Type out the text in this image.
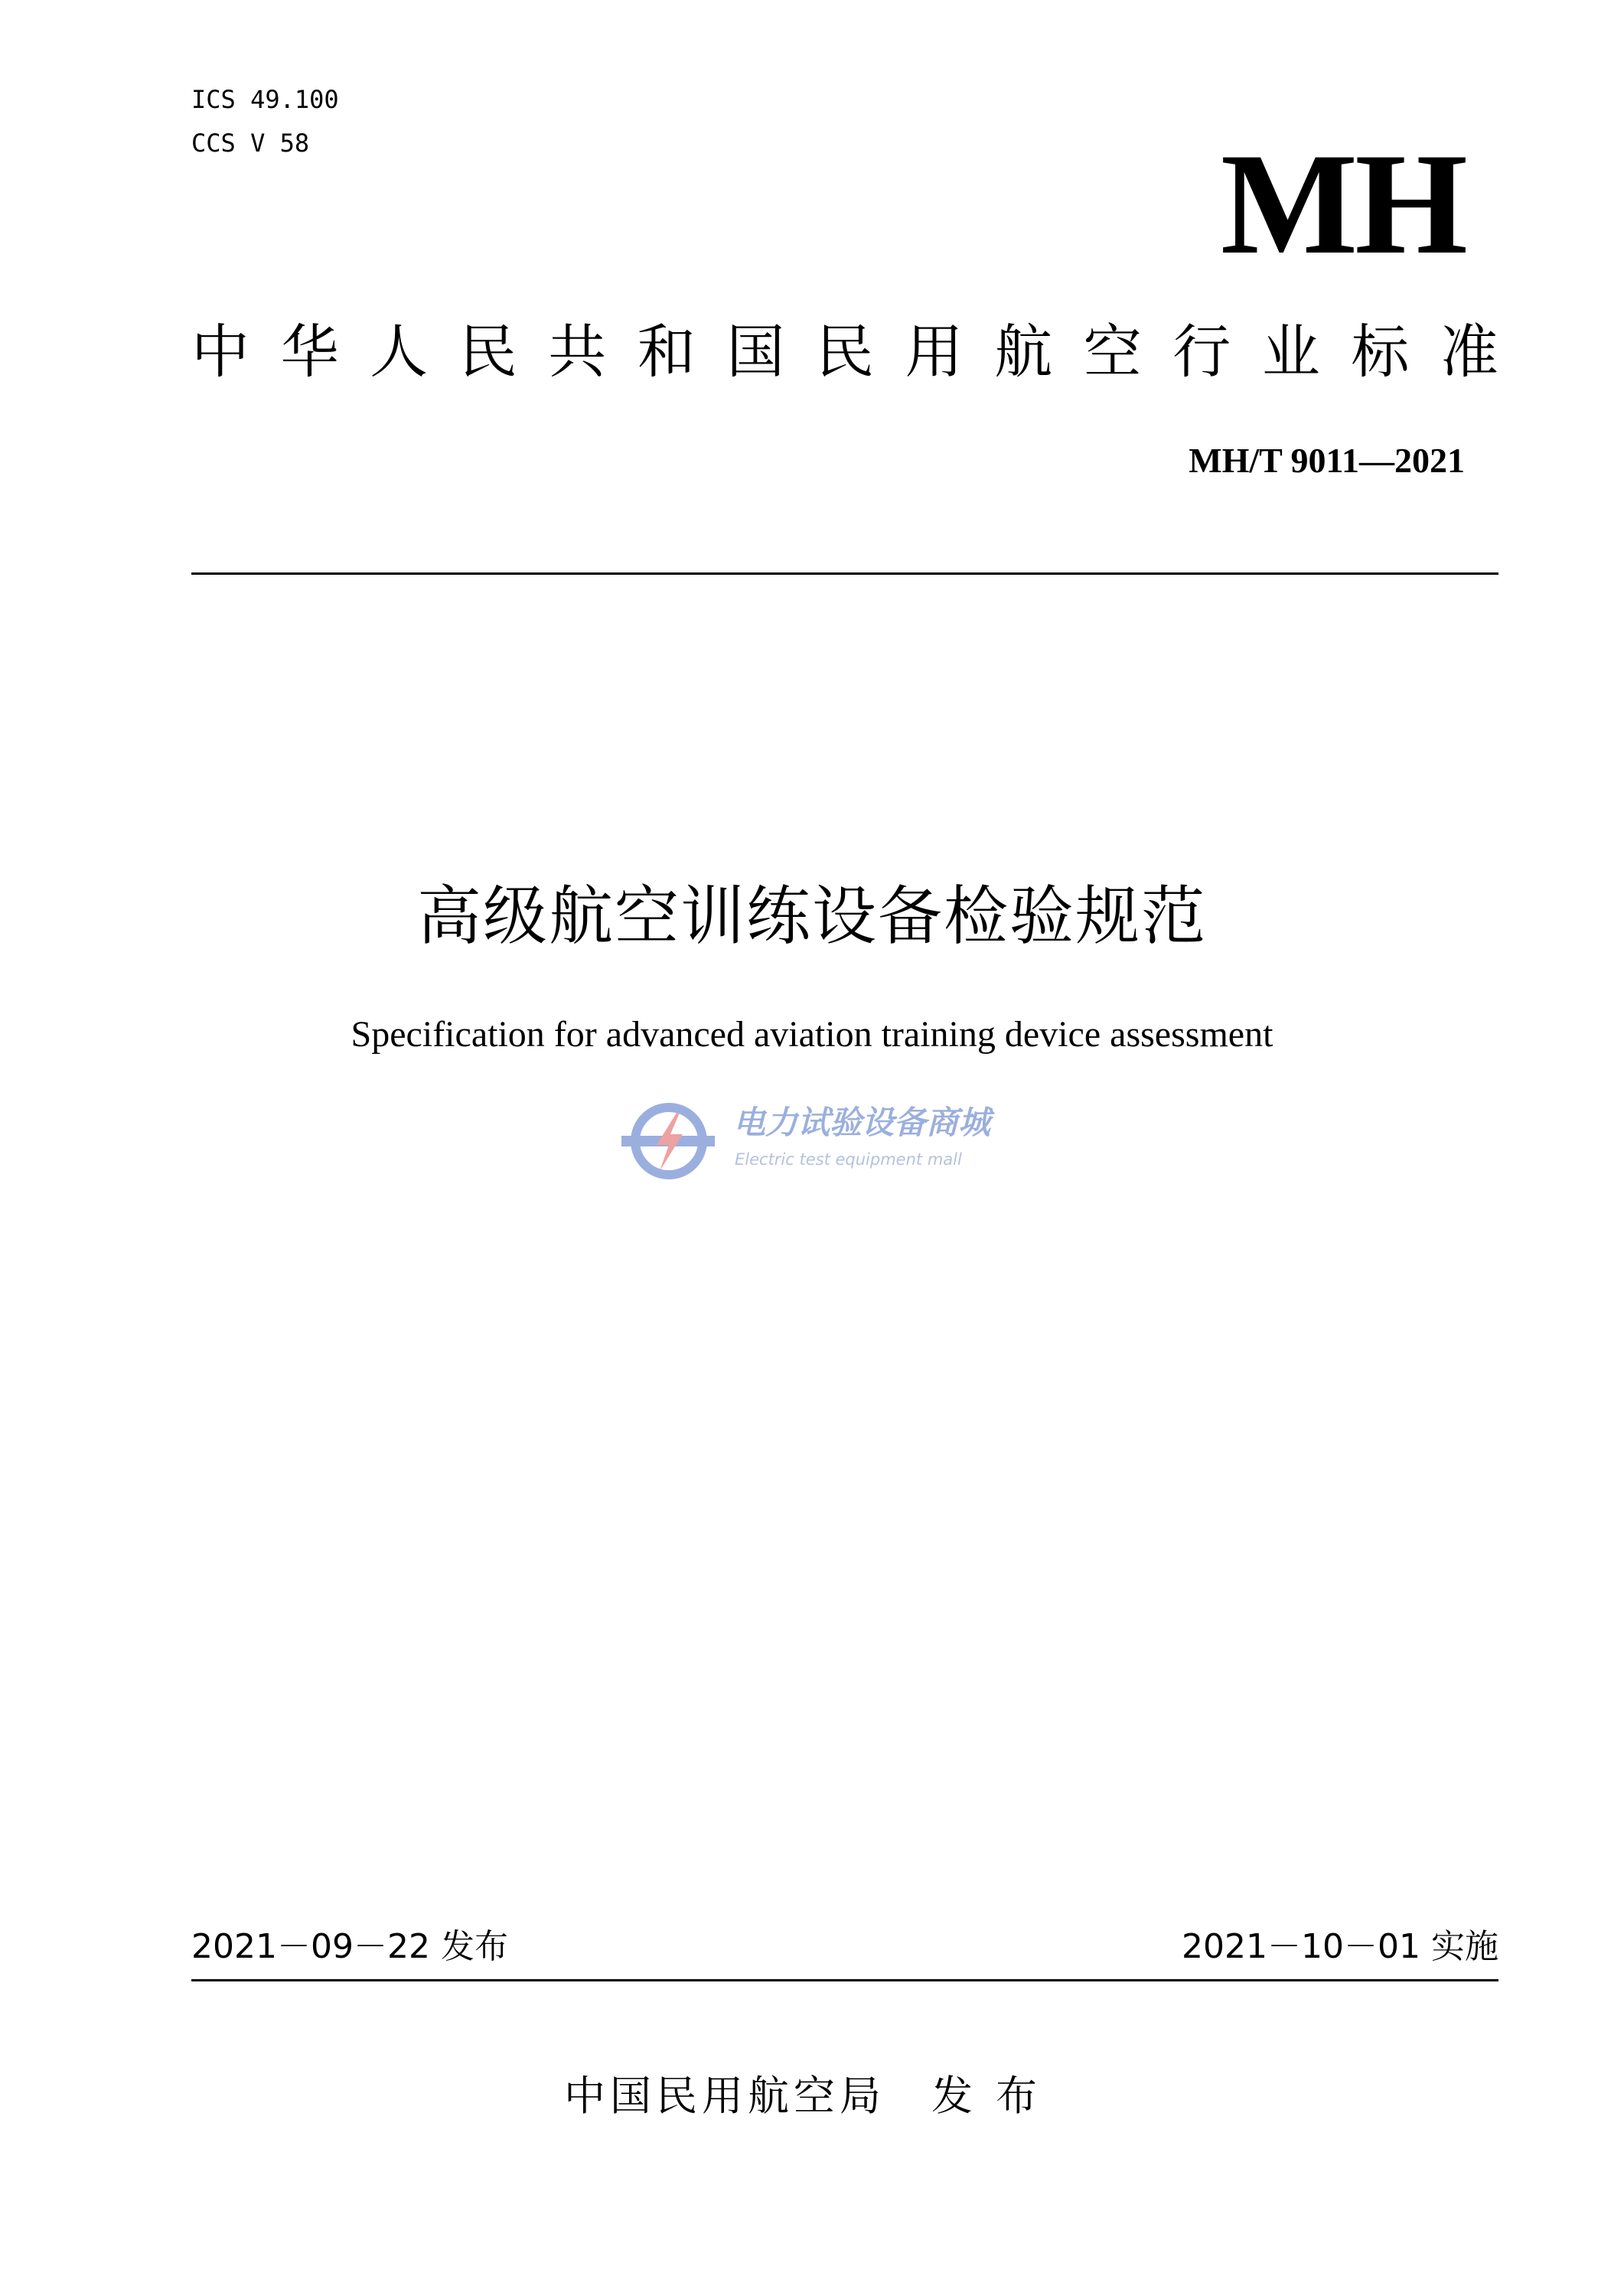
ICS 49.100
CCS V 58	MH
中华人民共和国民用航空行业标准
MH/T 9011—2021
高级航空训练设备检验规范
Specification for advanced aviation training device assessment
电力试验设备商城
Electric test equipment mall
2021－09－22 发布	2021－10－01 实施
中国民用航空局 发布
